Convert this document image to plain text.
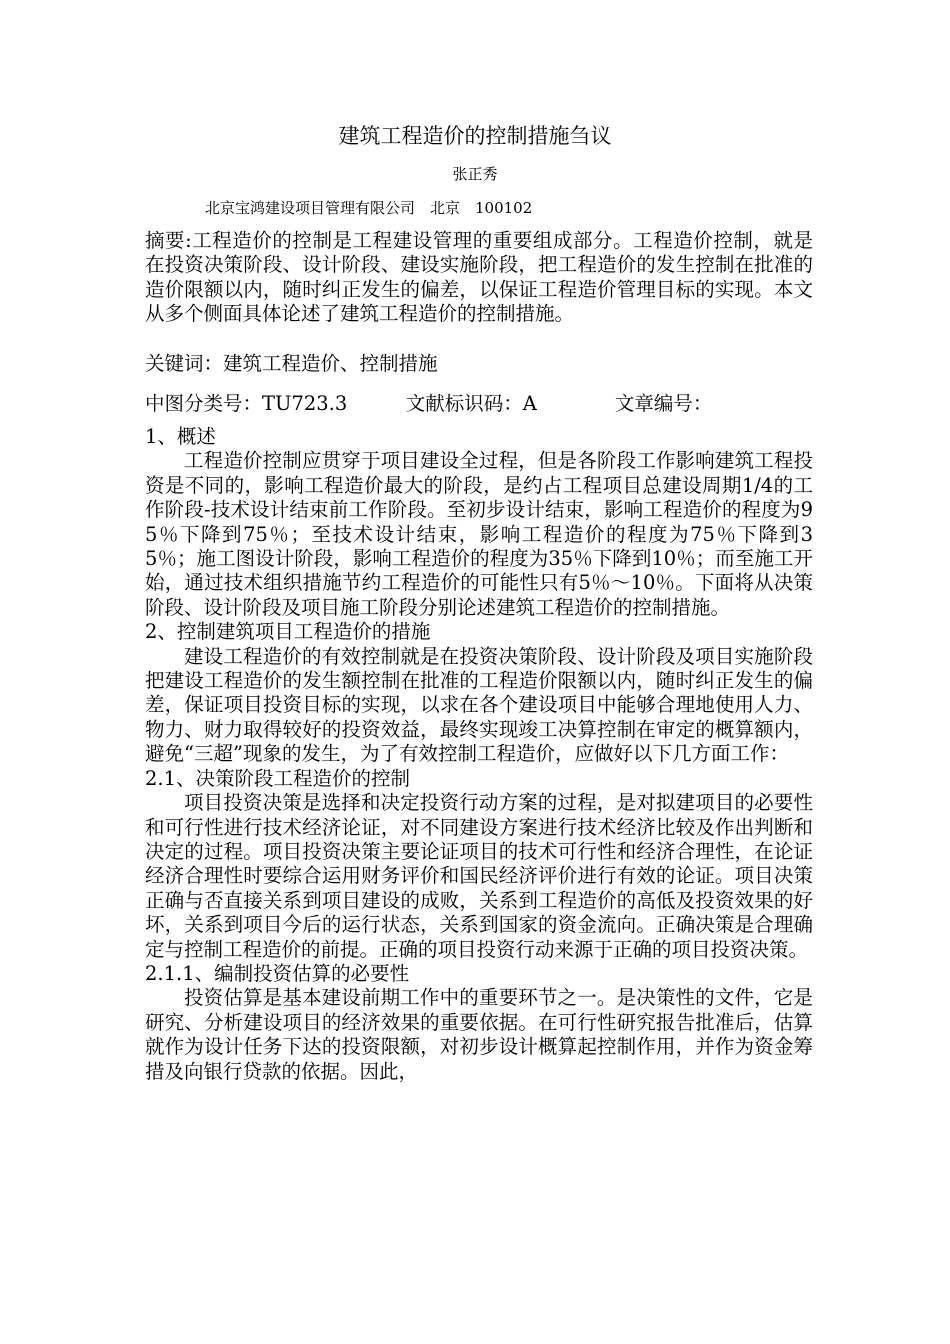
建筑工程造价的控制措施刍议
张正秀
北京宝鸿建设项目管理有限公司　北京　100102

摘要:工程造价的控制是工程建设管理的重要组成部分。工程造价控制，就是在投资决策阶段、设计阶段、建设实施阶段，把工程造价的发生控制在批准的造价限额以内，随时纠正发生的偏差，以保证工程造价管理目标的实现。本文从多个侧面具体论述了建筑工程造价的控制措施。

关键词：建筑工程造价、控制措施

中图分类号：TU723.3　　　文献标识码：A　　　　文章编号：

1、概述

工程造价控制应贯穿于项目建设全过程，但是各阶段工作影响建筑工程投资是不同的，影响工程造价最大的阶段，是约占工程项目总建设周期1/4的工作阶段-技术设计结束前工作阶段。至初步设计结束，影响工程造价的程度为95％下降到75％；至技术设计结束，影响工程造价的程度为75％下降到35％；施工图设计阶段，影响工程造价的程度为35％下降到10％；而至施工开始，通过技术组织措施节约工程造价的可能性只有5％～10％。下面将从决策阶段、设计阶段及项目施工阶段分别论述建筑工程造价的控制措施。

2、控制建筑项目工程造价的措施

建设工程造价的有效控制就是在投资决策阶段、设计阶段及项目实施阶段把建设工程造价的发生额控制在批准的工程造价限额以内，随时纠正发生的偏差，保证项目投资目标的实现，以求在各个建设项目中能够合理地使用人力、物力、财力取得较好的投资效益，最终实现竣工决算控制在审定的概算额内，避免“三超”现象的发生，为了有效控制工程造价，应做好以下几方面工作：

2.1、决策阶段工程造价的控制

项目投资决策是选择和决定投资行动方案的过程，是对拟建项目的必要性和可行性进行技术经济论证，对不同建设方案进行技术经济比较及作出判断和决定的过程。项目投资决策主要论证项目的技术可行性和经济合理性，在论证经济合理性时要综合运用财务评价和国民经济评价进行有效的论证。项目决策正确与否直接关系到项目建设的成败，关系到工程造价的高低及投资效果的好坏，关系到项目今后的运行状态，关系到国家的资金流向。正确决策是合理确定与控制工程造价的前提。正确的项目投资行动来源于正确的项目投资决策。

2.1.1、编制投资估算的必要性

投资估算是基本建设前期工作中的重要环节之一。是决策性的文件，它是研究、分析建设项目的经济效果的重要依据。在可行性研究报告批准后，估算就作为设计任务下达的投资限额，对初步设计概算起控制作用，并作为资金筹措及向银行贷款的依据。因此，
